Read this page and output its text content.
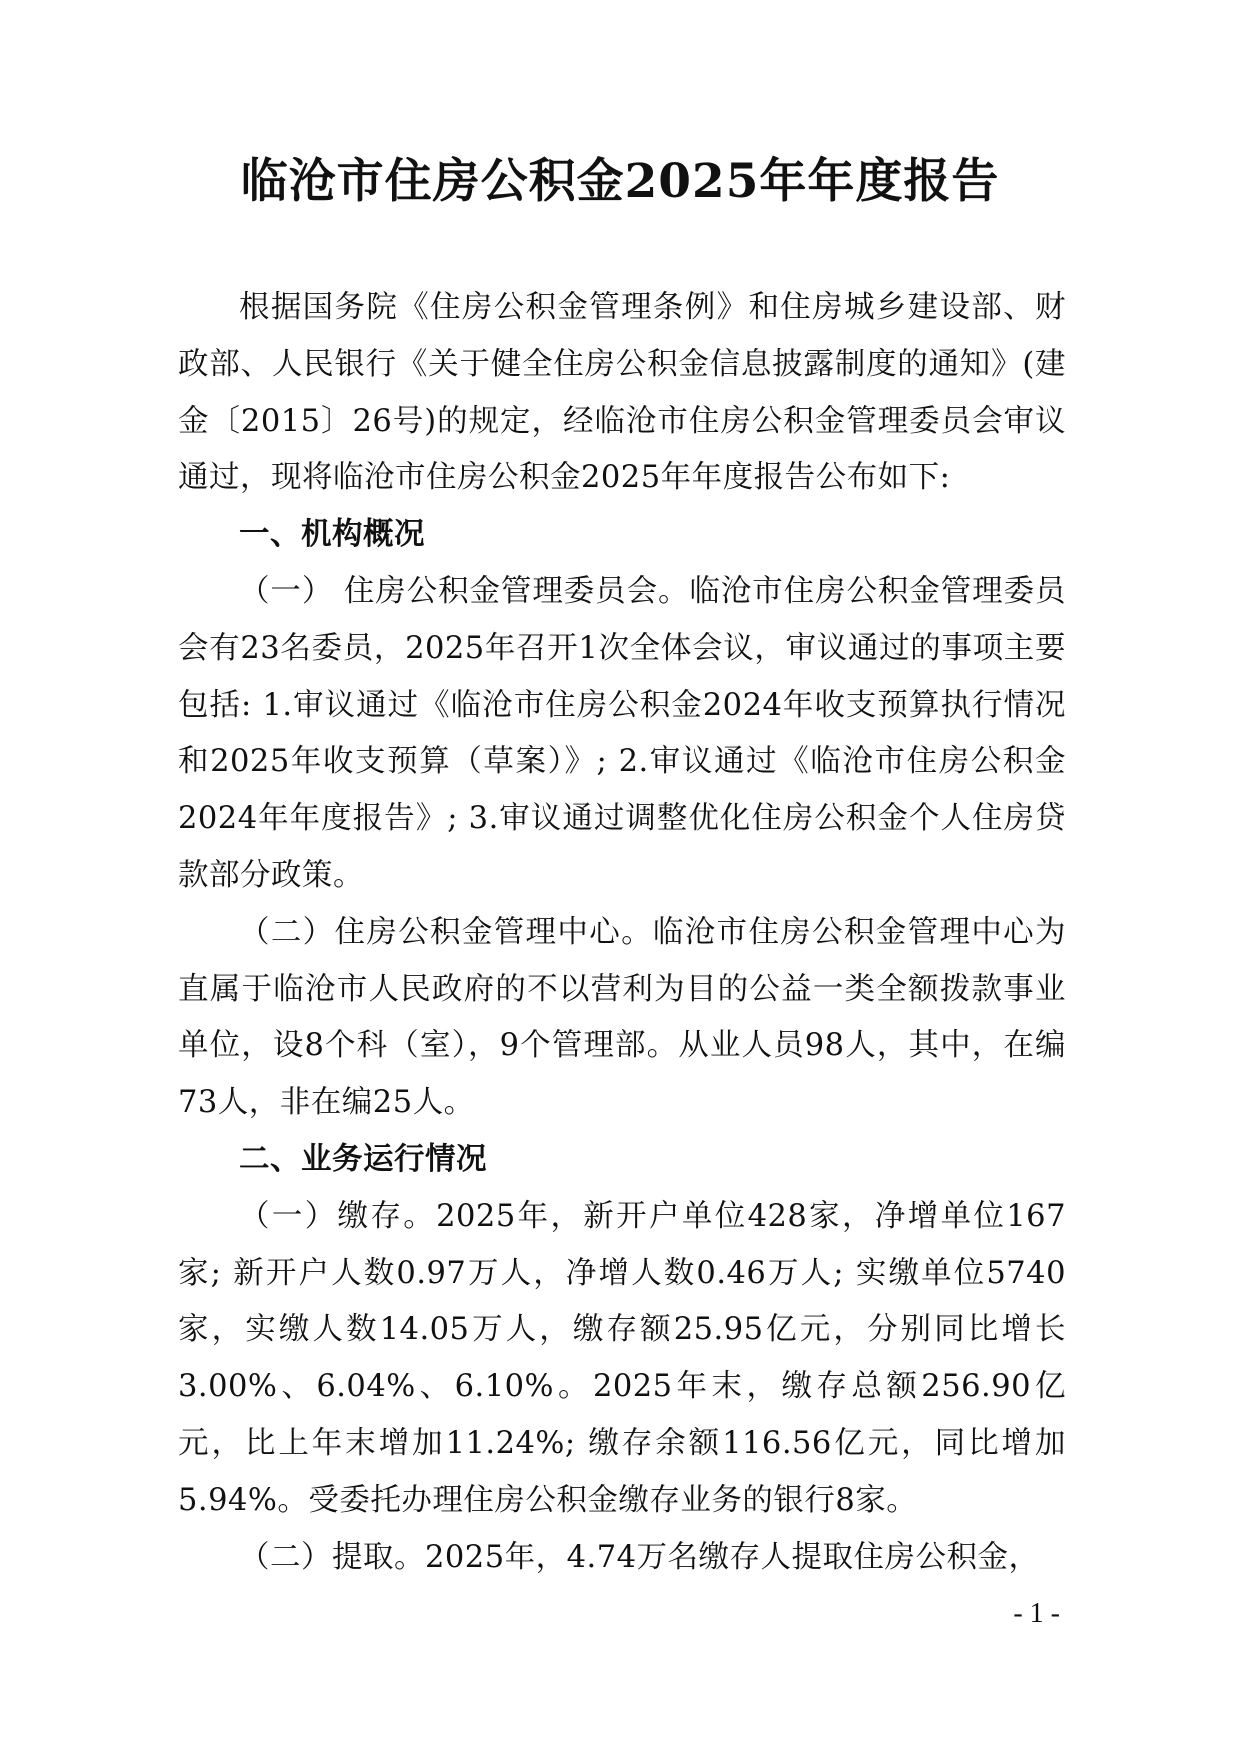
临沧市住房公积金2025年年度报告

根据国务院《住房公积金管理条例》和住房城乡建设部、财政部、人民银行《关于健全住房公积金信息披露制度的通知》(建金〔2015〕26号)的规定，经临沧市住房公积金管理委员会审议通过，现将临沧市住房公积金2025年年度报告公布如下:

一、机构概况

（一） 住房公积金管理委员会。临沧市住房公积金管理委员会有23名委员，2025年召开1次全体会议，审议通过的事项主要包括: 1.审议通过《临沧市住房公积金2024年收支预算执行情况和2025年收支预算（草案）》; 2.审议通过《临沧市住房公积金2024年年度报告》; 3.审议通过调整优化住房公积金个人住房贷款部分政策。

（二）住房公积金管理中心。临沧市住房公积金管理中心为直属于临沧市人民政府的不以营利为目的公益一类全额拨款事业单位，设8个科（室），9个管理部。从业人员98人，其中，在编73人，非在编25人。

二、业务运行情况

（一）缴存。2025年，新开户单位428家，净增单位167家; 新开户人数0.97万人，净增人数0.46万人; 实缴单位5740家，实缴人数14.05万人，缴存额25.95亿元，分别同比增长3.00%、6.04%、6.10%。2025年末，缴存总额256.90亿元，比上年末增加11.24%; 缴存余额116.56亿元，同比增加5.94%。受委托办理住房公积金缴存业务的银行8家。

（二）提取。2025年，4.74万名缴存人提取住房公积金，

- 1 -
